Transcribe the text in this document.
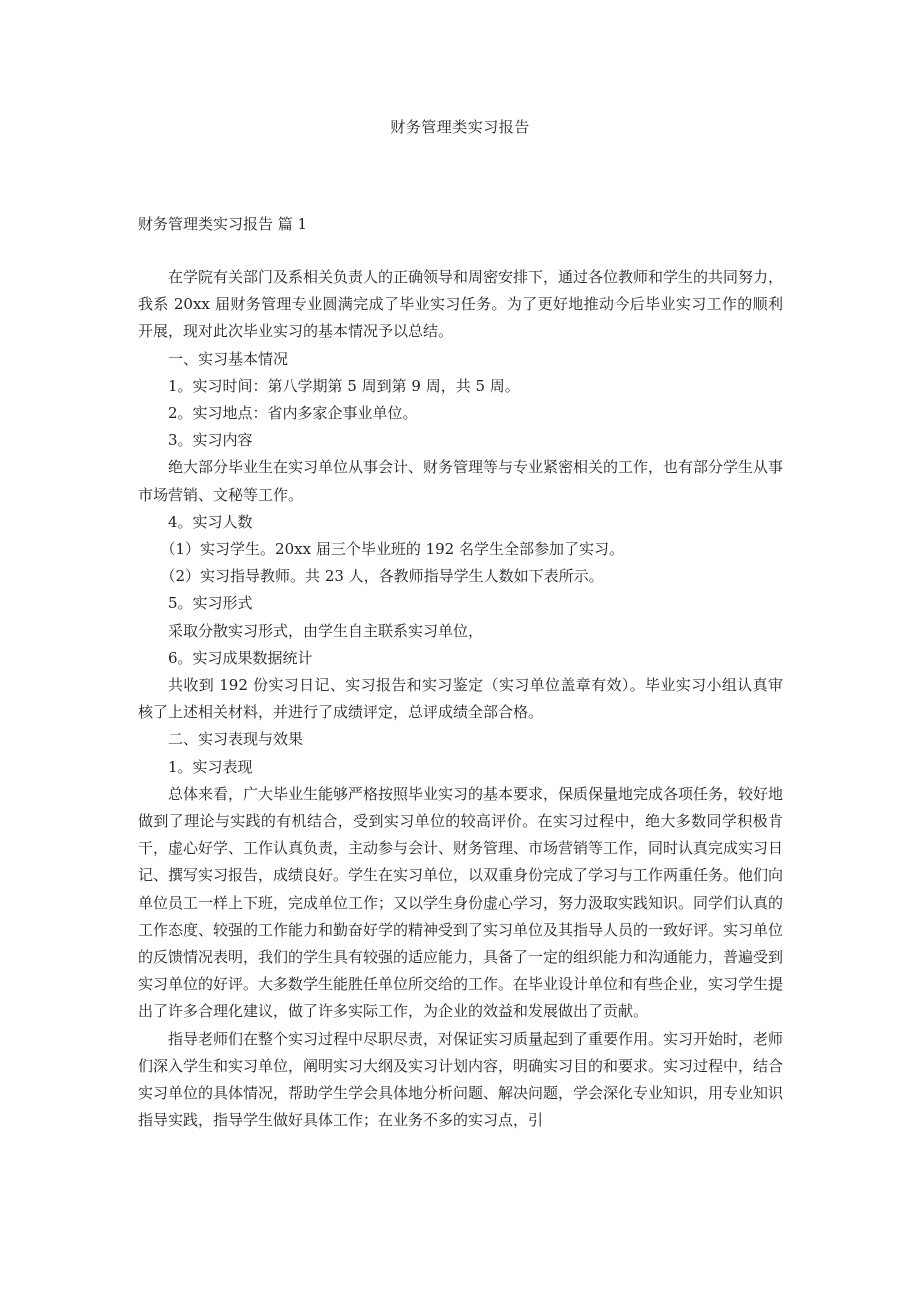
财务管理类实习报告
财务管理类实习报告 篇 1

在学院有关部门及系相关负责人的正确领导和周密安排下，通过各位教师和学生的共同努力，我系 20xx 届财务管理专业圆满完成了毕业实习任务。为了更好地推动今后毕业实习工作的顺利开展，现对此次毕业实习的基本情况予以总结。

一、实习基本情况

1。实习时间：第八学期第 5 周到第 9 周，共 5 周。

2。实习地点：省内多家企事业单位。

3。实习内容

绝大部分毕业生在实习单位从事会计、财务管理等与专业紧密相关的工作，也有部分学生从事市场营销、文秘等工作。

4。实习人数

（1）实习学生。20xx 届三个毕业班的 192 名学生全部参加了实习。

（2）实习指导教师。共 23 人，各教师指导学生人数如下表所示。

5。实习形式

采取分散实习形式，由学生自主联系实习单位，

6。实习成果数据统计

共收到 192 份实习日记、实习报告和实习鉴定（实习单位盖章有效）。毕业实习小组认真审核了上述相关材料，并进行了成绩评定，总评成绩全部合格。

二、实习表现与效果

1。实习表现

总体来看，广大毕业生能够严格按照毕业实习的基本要求，保质保量地完成各项任务，较好地做到了理论与实践的有机结合，受到实习单位的较高评价。在实习过程中，绝大多数同学积极肯干，虚心好学、工作认真负责，主动参与会计、财务管理、市场营销等工作，同时认真完成实习日记、撰写实习报告，成绩良好。学生在实习单位，以双重身份完成了学习与工作两重任务。他们向单位员工一样上下班，完成单位工作；又以学生身份虚心学习，努力汲取实践知识。同学们认真的工作态度、较强的工作能力和勤奋好学的精神受到了实习单位及其指导人员的一致好评。实习单位的反馈情况表明，我们的学生具有较强的适应能力，具备了一定的组织能力和沟通能力，普遍受到实习单位的好评。大多数学生能胜任单位所交给的工作。在毕业设计单位和有些企业，实习学生提出了许多合理化建议，做了许多实际工作，为企业的效益和发展做出了贡献。

指导老师们在整个实习过程中尽职尽责，对保证实习质量起到了重要作用。实习开始时，老师们深入学生和实习单位，阐明实习大纲及实习计划内容，明确实习目的和要求。实习过程中，结合实习单位的具体情况，帮助学生学会具体地分析问题、解决问题，学会深化专业知识，用专业知识指导实践，指导学生做好具体工作；在业务不多的实习点，引
